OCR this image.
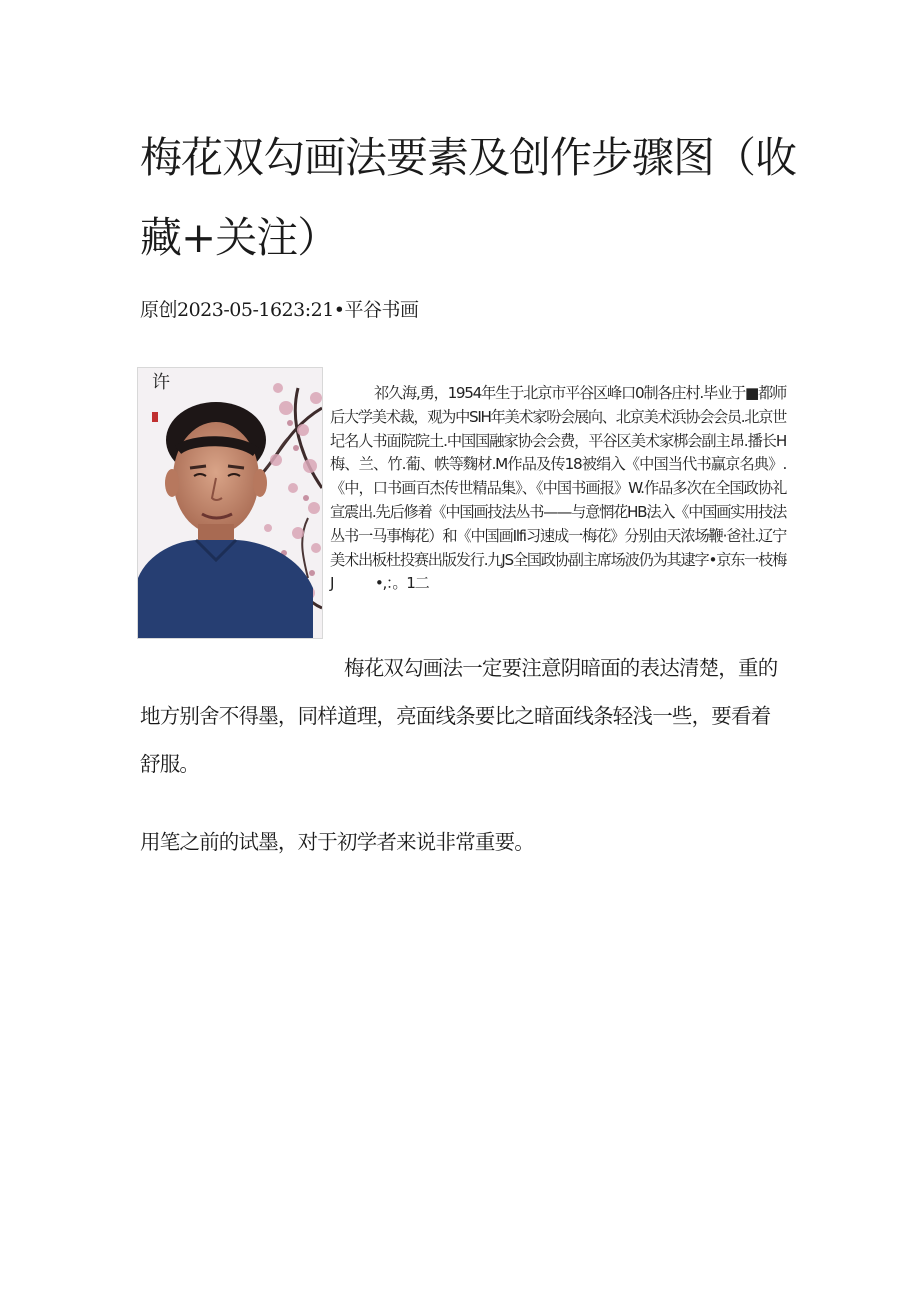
梅花双勾画法要素及创作步骤图（收藏+关注）
原创2023-05-1623:21•平谷书画
许	祁久海,勇，1954年生于北京市平谷区峰口0制各庄村.毕业于■都师后大学美术裁，观为中SIH年美术家吩会展向、北京美术浜协会会员.北京世圮名人书面院院土.中国国融家协会会费，平谷区美术家梆会副主昂.播长H梅、兰、竹.葡、帙等麴材.M作品及传18被绢入《中国当代书赢京名典》.《中，口书画百杰传世精品集》、《中国书画报》W.作品多次在全国政协礼宣震出.先后修着《中国画技法丛书——与意惘花HB法入《中国画实用技法丛书一马事梅花）和《中国画Ilfi习速成一梅花》分别由天浓场鞭·爸社.辽宁美术出板杜投赛出版发行.九JS全国政协副主席场波仍为其逮字•京东一枝梅J　　　•,：。1二

梅花双勾画法一定要注意阴暗面的表达清楚，重的地方别舍不得墨，同样道理，亮面线条要比之暗面线条轻浅一些，要看着舒服。

用笔之前的试墨，对于初学者来说非常重要。
